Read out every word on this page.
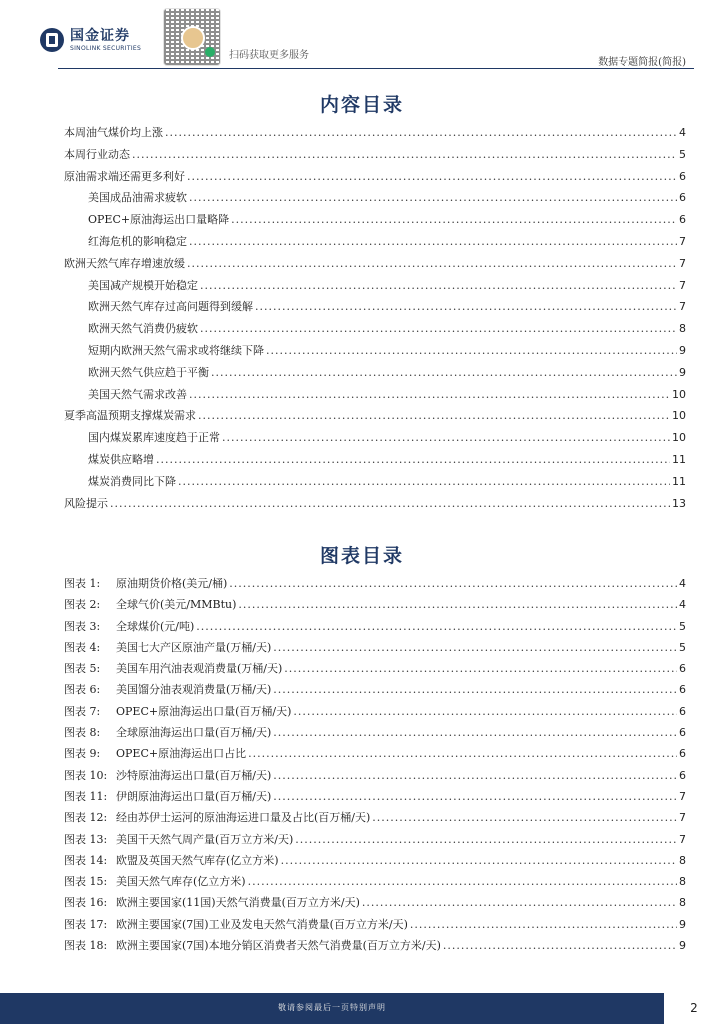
国金证券
SINOLINK SECURITIES
扫码获取更多服务
数据专题简报(简报)
内容目录
本周油气煤价均上涨 .....	4
本周行业动态 .....	5
原油需求端还需更多利好 .....	6
美国成品油需求疲软 .....	6
OPEC+原油海运出口量略降 .....	6
红海危机的影响稳定 .....	7
欧洲天然气库存增速放缓 .....	7
美国减产规模开始稳定 .....	7
欧洲天然气库存过高问题得到缓解 .....	7
欧洲天然气消费仍疲软 .....	8
短期内欧洲天然气需求或将继续下降 .....	9
欧洲天然气供应趋于平衡 .....	9
美国天然气需求改善 .....	10
夏季高温预期支撑煤炭需求 .....	10
国内煤炭累库速度趋于正常 .....	10
煤炭供应略增 .....	11
煤炭消费同比下降 .....	11
风险提示 .....	13
图表目录
图表 1:	原油期货价格(美元/桶) .....	4
图表 2:	全球气价(美元/MMBtu) .....	4
图表 3:	全球煤价(元/吨) .....	5
图表 4:	美国七大产区原油产量(万桶/天) .....	5
图表 5:	美国车用汽油表观消费量(万桶/天) .....	6
图表 6:	美国馏分油表观消费量(万桶/天) .....	6
图表 7:	OPEC+原油海运出口量(百万桶/天) .....	6
图表 8:	全球原油海运出口量(百万桶/天) .....	6
图表 9:	OPEC+原油海运出口占比 .....	6
图表 10: 沙特原油海运出口量(百万桶/天) .....	6
图表 11: 伊朗原油海运出口量(百万桶/天) .....	7
图表 12: 经由苏伊士运河的原油海运进口量及占比(百万桶/天) .....	7
图表 13: 美国干天然气周产量(百万立方米/天) .....	7
图表 14: 欧盟及英国天然气库存(亿立方米) .....	8
图表 15: 美国天然气库存(亿立方米) .....	8
图表 16: 欧洲主要国家(11国)天然气消费量(百万立方米/天) .....	8
图表 17: 欧洲主要国家(7国)工业及发电天然气消费量(百万立方米/天) .....	9
图表 18: 欧洲主要国家(7国)本地分销区消费者天然气消费量(百万立方米/天) .....	9
敬请参阅最后一页特别声明	2
